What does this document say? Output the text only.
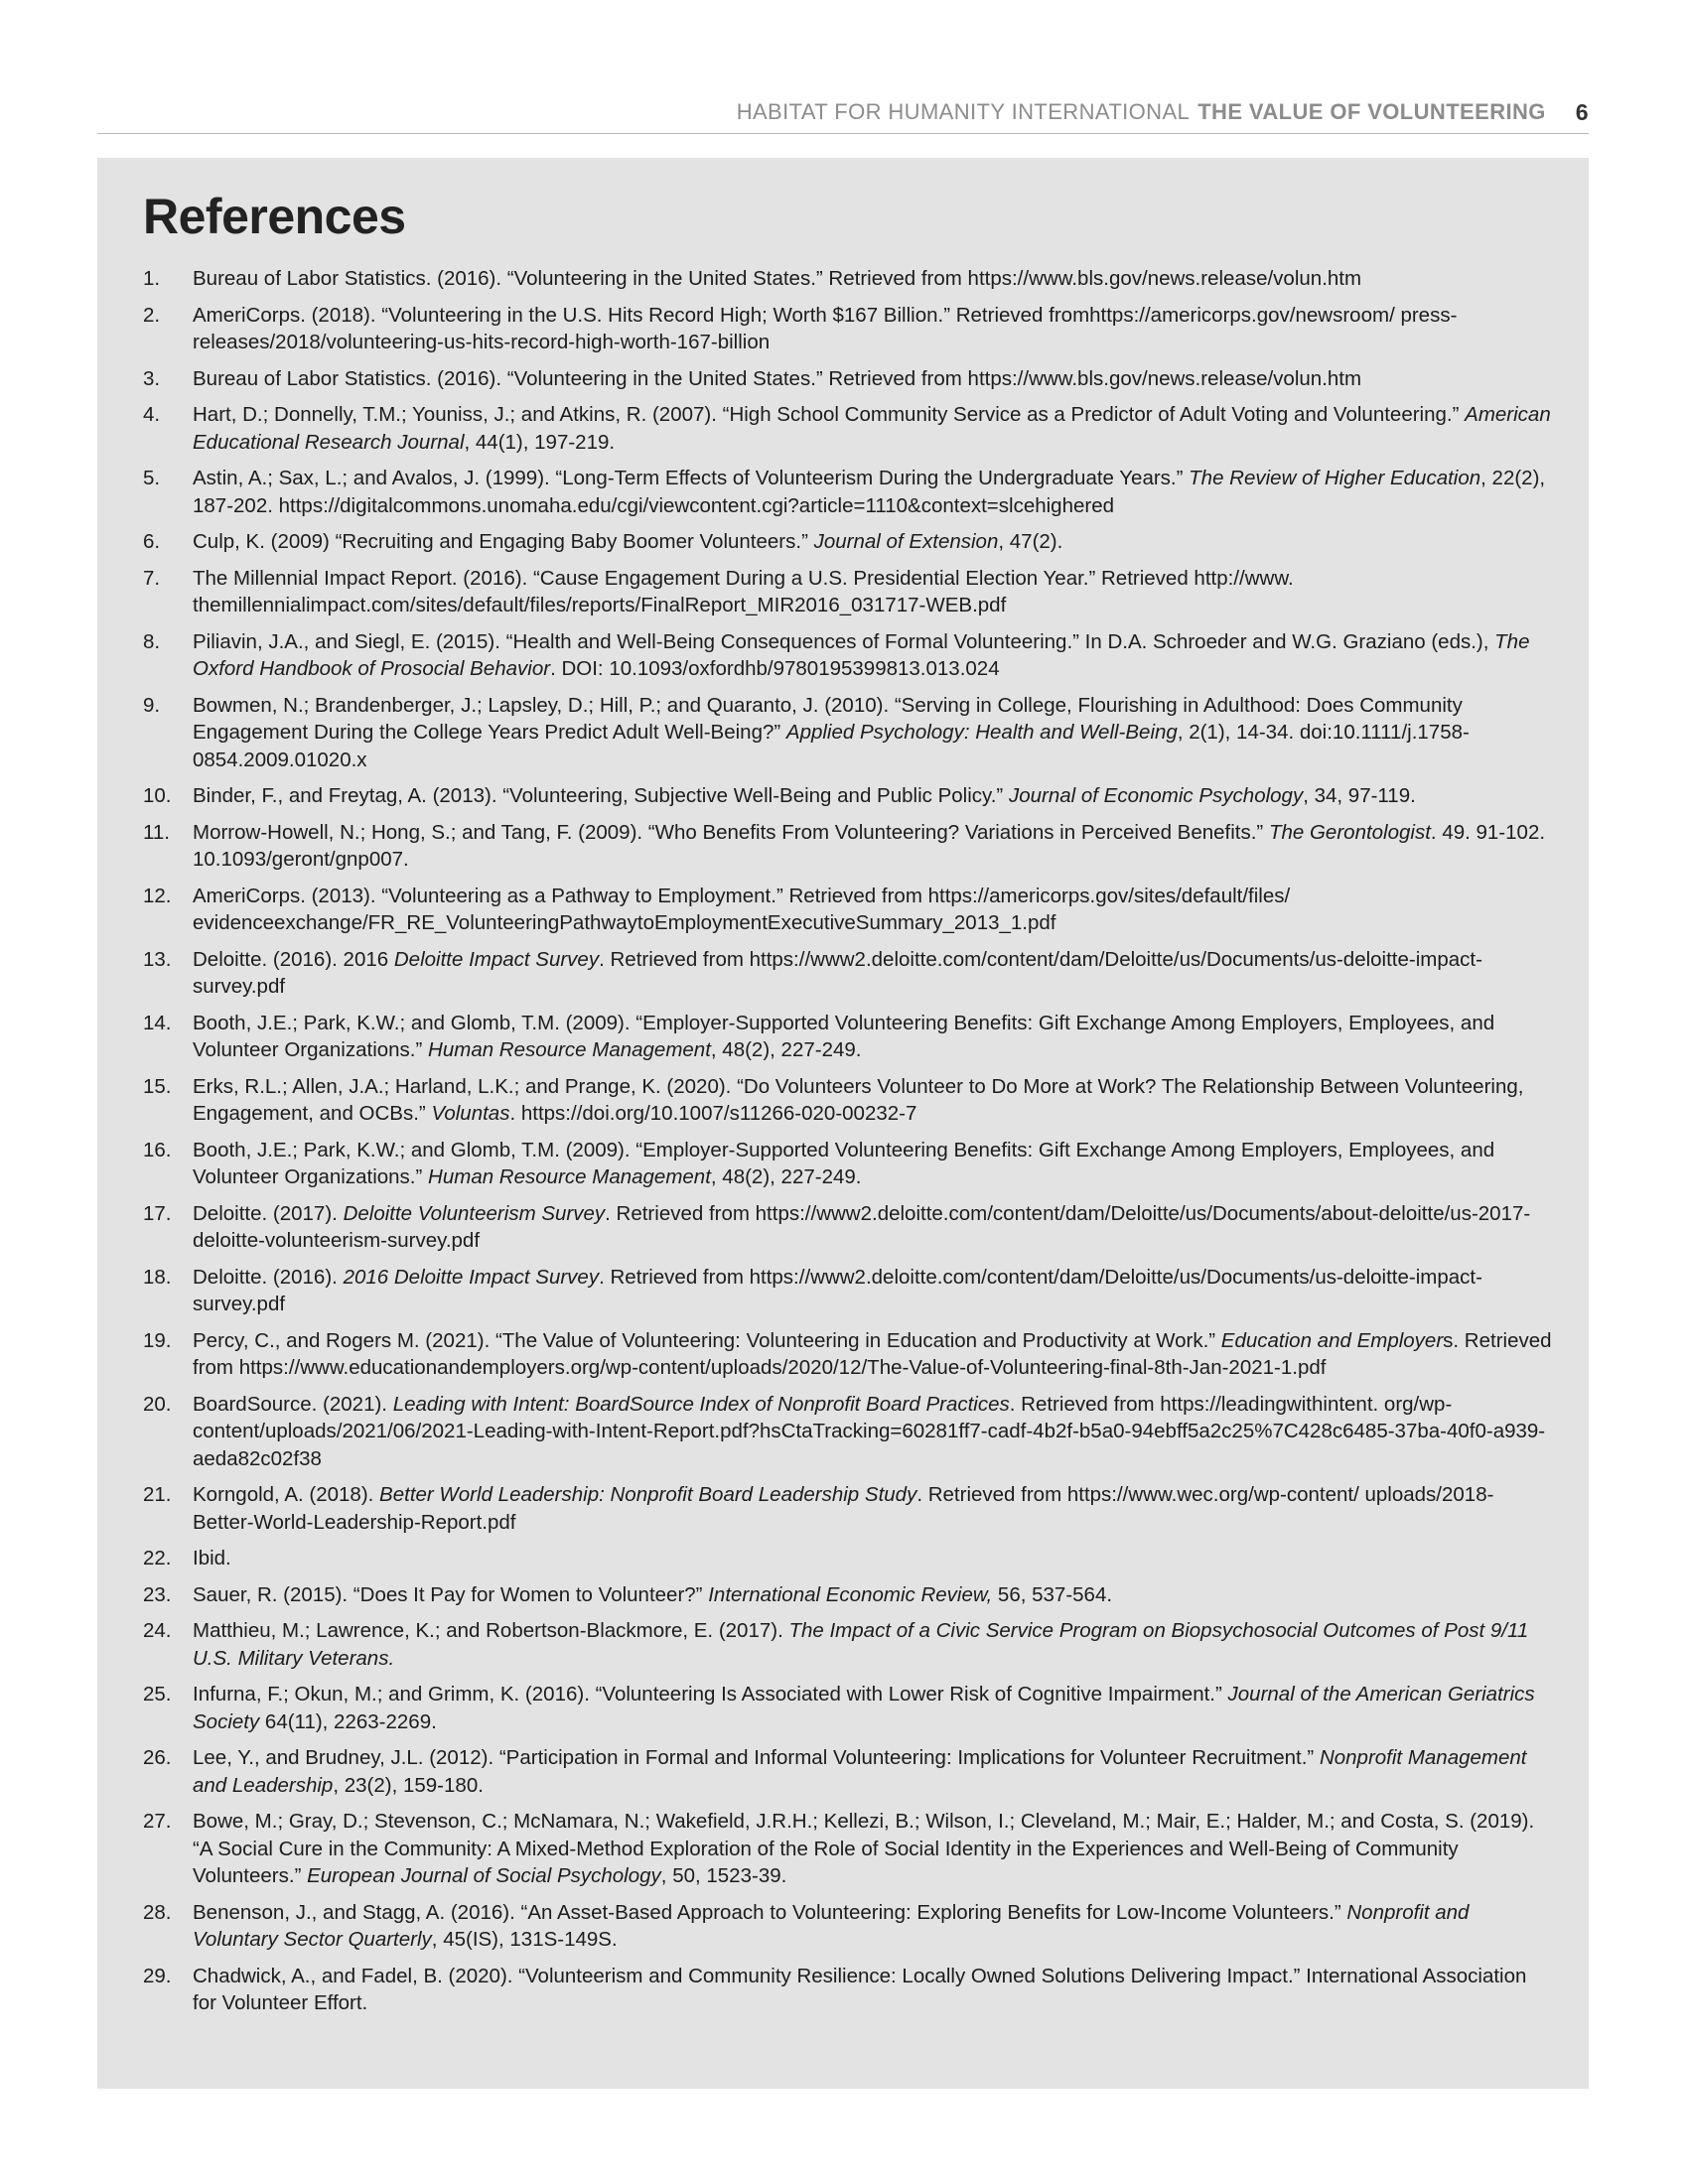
HABITAT FOR HUMANITY INTERNATIONAL THE VALUE OF VOLUNTEERING 6
References
1. Bureau of Labor Statistics. (2016). “Volunteering in the United States.” Retrieved from https://www.bls.gov/news.release/volun.htm
2. AmeriCorps. (2018). “Volunteering in the U.S. Hits Record High; Worth $167 Billion.” Retrieved fromhttps://americorps.gov/newsroom/ press-releases/2018/volunteering-us-hits-record-high-worth-167-billion
3. Bureau of Labor Statistics. (2016). “Volunteering in the United States.” Retrieved from https://www.bls.gov/news.release/volun.htm
4. Hart, D.; Donnelly, T.M.; Youniss, J.; and Atkins, R. (2007). “High School Community Service as a Predictor of Adult Voting and Volunteering.” American Educational Research Journal, 44(1), 197-219.
5. Astin, A.; Sax, L.; and Avalos, J. (1999). “Long-Term Effects of Volunteerism During the Undergraduate Years.” The Review of Higher Education, 22(2), 187-202. https://digitalcommons.unomaha.edu/cgi/viewcontent.cgi?article=1110&context=slcehighered
6. Culp, K. (2009) “Recruiting and Engaging Baby Boomer Volunteers.” Journal of Extension, 47(2).
7. The Millennial Impact Report. (2016). “Cause Engagement During a U.S. Presidential Election Year.” Retrieved http://www. themillennialimpact.com/sites/default/files/reports/FinalReport_MIR2016_031717-WEB.pdf
8. Piliavin, J.A., and Siegl, E. (2015). “Health and Well-Being Consequences of Formal Volunteering.” In D.A. Schroeder and W.G. Graziano (eds.), The Oxford Handbook of Prosocial Behavior. DOI: 10.1093/oxfordhb/9780195399813.013.024
9. Bowmen, N.; Brandenberger, J.; Lapsley, D.; Hill, P.; and Quaranto, J. (2010). “Serving in College, Flourishing in Adulthood: Does Community Engagement During the College Years Predict Adult Well-Being?” Applied Psychology: Health and Well-Being, 2(1), 14-34. doi:10.1111/j.1758-0854.2009.01020.x
10. Binder, F., and Freytag, A. (2013). “Volunteering, Subjective Well-Being and Public Policy.” Journal of Economic Psychology, 34, 97-119.
11. Morrow-Howell, N.; Hong, S.; and Tang, F. (2009). “Who Benefits From Volunteering? Variations in Perceived Benefits.” The Gerontologist. 49. 91-102. 10.1093/geront/gnp007.
12. AmeriCorps. (2013). “Volunteering as a Pathway to Employment.” Retrieved from https://americorps.gov/sites/default/files/ evidenceexchange/FR_RE_VolunteeringPathwaytoEmploymentExecutiveSummary_2013_1.pdf
13. Deloitte. (2016). 2016 Deloitte Impact Survey. Retrieved from https://www2.deloitte.com/content/dam/Deloitte/us/Documents/us-deloitte-impact-survey.pdf
14. Booth, J.E.; Park, K.W.; and Glomb, T.M. (2009). “Employer-Supported Volunteering Benefits: Gift Exchange Among Employers, Employees, and Volunteer Organizations.” Human Resource Management, 48(2), 227-249.
15. Erks, R.L.; Allen, J.A.; Harland, L.K.; and Prange, K. (2020). “Do Volunteers Volunteer to Do More at Work? The Relationship Between Volunteering, Engagement, and OCBs.” Voluntas. https://doi.org/10.1007/s11266-020-00232-7
16. Booth, J.E.; Park, K.W.; and Glomb, T.M. (2009). “Employer-Supported Volunteering Benefits: Gift Exchange Among Employers, Employees, and Volunteer Organizations.” Human Resource Management, 48(2), 227-249.
17. Deloitte. (2017). Deloitte Volunteerism Survey. Retrieved from https://www2.deloitte.com/content/dam/Deloitte/us/Documents/about-deloitte/us-2017-deloitte-volunteerism-survey.pdf
18. Deloitte. (2016). 2016 Deloitte Impact Survey. Retrieved from https://www2.deloitte.com/content/dam/Deloitte/us/Documents/us-deloitte-impact-survey.pdf
19. Percy, C., and Rogers M. (2021). “The Value of Volunteering: Volunteering in Education and Productivity at Work.” Education and Employers. Retrieved from https://www.educationandemployers.org/wp-content/uploads/2020/12/The-Value-of-Volunteering-final-8th-Jan-2021-1.pdf
20. BoardSource. (2021). Leading with Intent: BoardSource Index of Nonprofit Board Practices. Retrieved from https://leadingwithintent. org/wp-content/uploads/2021/06/2021-Leading-with-Intent-Report.pdf?hsCtaTracking=60281ff7-cadf-4b2f-b5a0-94ebff5a2c25%7C428c6485-37ba-40f0-a939-aeda82c02f38
21. Korngold, A. (2018). Better World Leadership: Nonprofit Board Leadership Study. Retrieved from https://www.wec.org/wp-content/ uploads/2018-Better-World-Leadership-Report.pdf
22. Ibid.
23. Sauer, R. (2015). “Does It Pay for Women to Volunteer?” International Economic Review, 56, 537-564.
24. Matthieu, M.; Lawrence, K.; and Robertson-Blackmore, E. (2017). The Impact of a Civic Service Program on Biopsychosocial Outcomes of Post 9/11 U.S. Military Veterans.
25. Infurna, F.; Okun, M.; and Grimm, K. (2016). “Volunteering Is Associated with Lower Risk of Cognitive Impairment.” Journal of the American Geriatrics Society 64(11), 2263-2269.
26. Lee, Y., and Brudney, J.L. (2012). “Participation in Formal and Informal Volunteering: Implications for Volunteer Recruitment.” Nonprofit Management and Leadership, 23(2), 159-180.
27. Bowe, M.; Gray, D.; Stevenson, C.; McNamara, N.; Wakefield, J.R.H.; Kellezi, B.; Wilson, I.; Cleveland, M.; Mair, E.; Halder, M.; and Costa, S. (2019). “A Social Cure in the Community: A Mixed-Method Exploration of the Role of Social Identity in the Experiences and Well-Being of Community Volunteers.” European Journal of Social Psychology, 50, 1523-39.
28. Benenson, J., and Stagg, A. (2016). “An Asset-Based Approach to Volunteering: Exploring Benefits for Low-Income Volunteers.” Nonprofit and Voluntary Sector Quarterly, 45(IS), 131S-149S.
29. Chadwick, A., and Fadel, B. (2020). “Volunteerism and Community Resilience: Locally Owned Solutions Delivering Impact.” International Association for Volunteer Effort.
